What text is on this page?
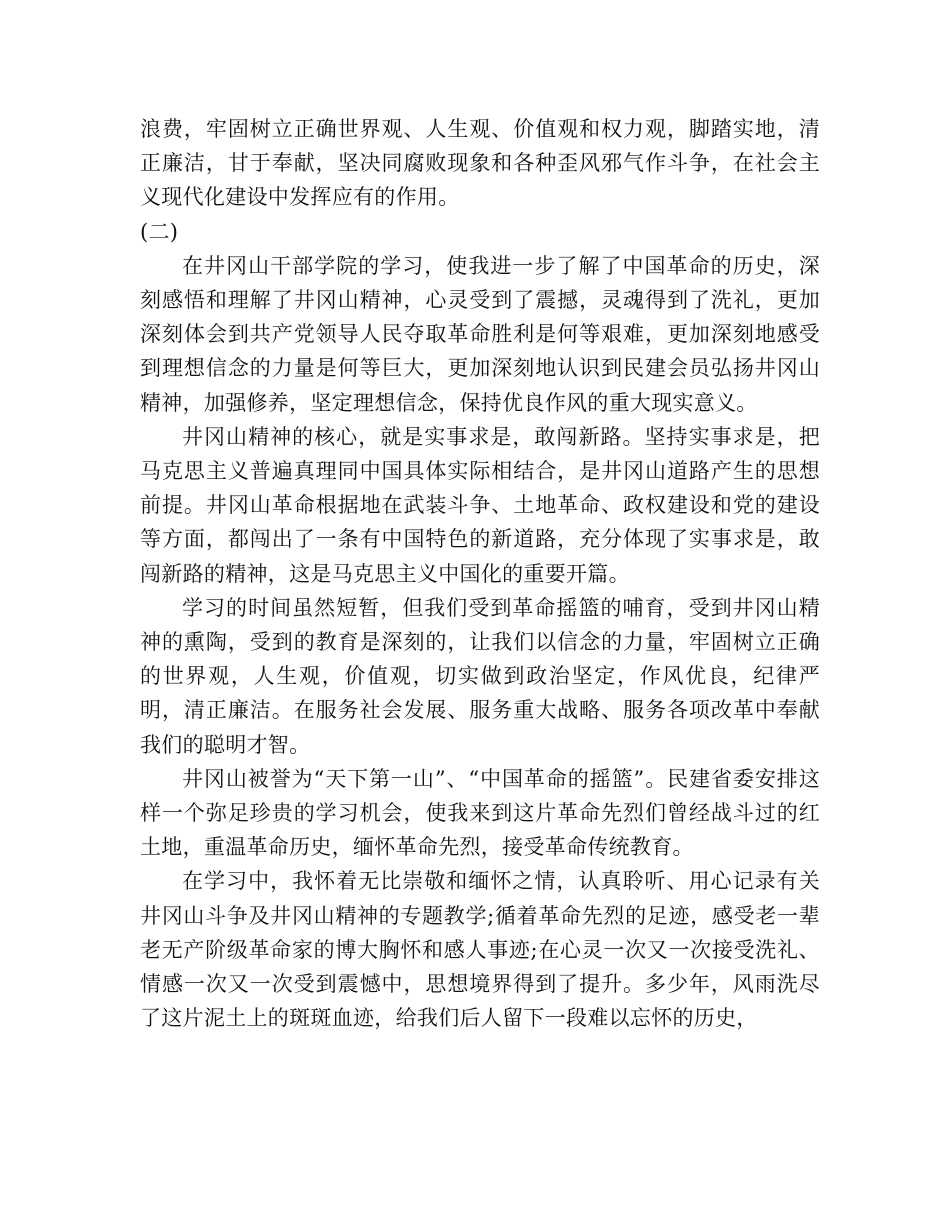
浪费，牢固树立正确世界观、人生观、价值观和权力观，脚踏实地，清正廉洁，甘于奉献，坚决同腐败现象和各种歪风邪气作斗争，在社会主义现代化建设中发挥应有的作用。

(二)

在井冈山干部学院的学习，使我进一步了解了中国革命的历史，深刻感悟和理解了井冈山精神，心灵受到了震撼，灵魂得到了洗礼，更加深刻体会到共产党领导人民夺取革命胜利是何等艰难，更加深刻地感受到理想信念的力量是何等巨大，更加深刻地认识到民建会员弘扬井冈山精神，加强修养，坚定理想信念，保持优良作风的重大现实意义。

井冈山精神的核心，就是实事求是，敢闯新路。坚持实事求是，把马克思主义普遍真理同中国具体实际相结合，是井冈山道路产生的思想前提。井冈山革命根据地在武装斗争、土地革命、政权建设和党的建设等方面，都闯出了一条有中国特色的新道路，充分体现了实事求是，敢闯新路的精神，这是马克思主义中国化的重要开篇。

学习的时间虽然短暂，但我们受到革命摇篮的哺育，受到井冈山精神的熏陶，受到的教育是深刻的，让我们以信念的力量，牢固树立正确的世界观，人生观，价值观，切实做到政治坚定，作风优良，纪律严明，清正廉洁。在服务社会发展、服务重大战略、服务各项改革中奉献我们的聪明才智。

井冈山被誉为“天下第一山”、“中国革命的摇篮”。民建省委安排这样一个弥足珍贵的学习机会，使我来到这片革命先烈们曾经战斗过的红土地，重温革命历史，缅怀革命先烈，接受革命传统教育。

在学习中，我怀着无比崇敬和缅怀之情，认真聆听、用心记录有关井冈山斗争及井冈山精神的专题教学;循着革命先烈的足迹，感受老一辈老无产阶级革命家的博大胸怀和感人事迹;在心灵一次又一次接受洗礼、情感一次又一次受到震憾中，思想境界得到了提升。多少年，风雨洗尽了这片泥土上的斑斑血迹，给我们后人留下一段难以忘怀的历史，
